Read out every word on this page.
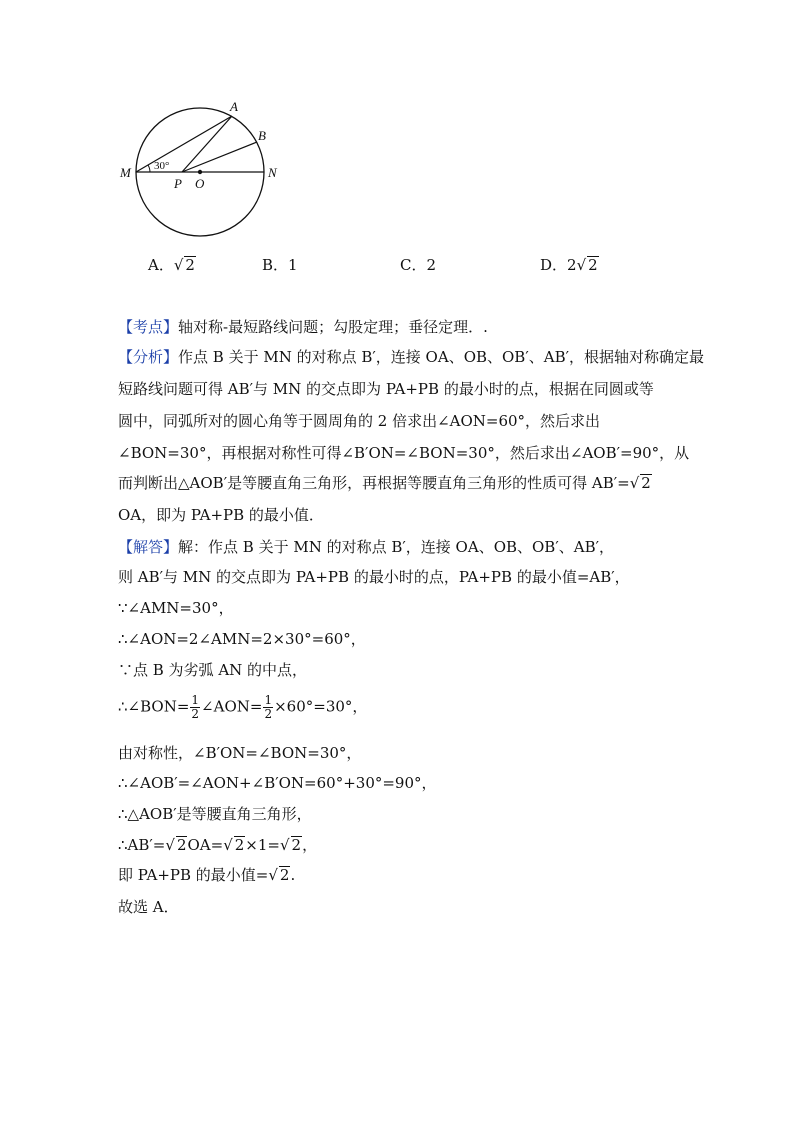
A
B
M	N
P O
30°
A．√ 2	B．1	C．2	D．2√ 2
【考点】轴对称-最短路线问题；勾股定理；垂径定理．.
【分析】作点 B 关于 MN 的对称点 B′，连接 OA、OB、OB′、AB′，根据轴对称确定最
短路线问题可得 AB′与 MN 的交点即为 PA+PB 的最小时的点，根据在同圆或等
圆中，同弧所对的圆心角等于圆周角的 2 倍求出∠AON=60°，然后求出
∠BON=30°，再根据对称性可得∠B′ON=∠BON=30°，然后求出∠AOB′=90°，从
而判断出△AOB′是等腰直角三角形，再根据等腰直角三角形的性质可得 AB′=√ 2
OA，即为 PA+PB 的最小值．
【解答】解：作点 B 关于 MN 的对称点 B′，连接 OA、OB、OB′、AB′，
则 AB′与 MN 的交点即为 PA+PB 的最小时的点，PA+PB 的最小值=AB′，
∵∠AMN=30°，
∴∠AON=2∠AMN=2×30°=60°，
∵点 B 为劣弧 AN 的中点，
∴∠BON= $\frac{1}{2}$ ∠AON= $\frac{1}{2} \times 60^\circ=30^\circ$，
由对称性，∠B′ON=∠BON=30°，
∴∠AOB′=∠AON+∠B′ON=60°+30°=90°，
∴△AOB′是等腰直角三角形，
∴AB′=√ 2OA=√ 2×1=√ 2，
即 PA+PB 的最小值=√ 2.
故选 A．
